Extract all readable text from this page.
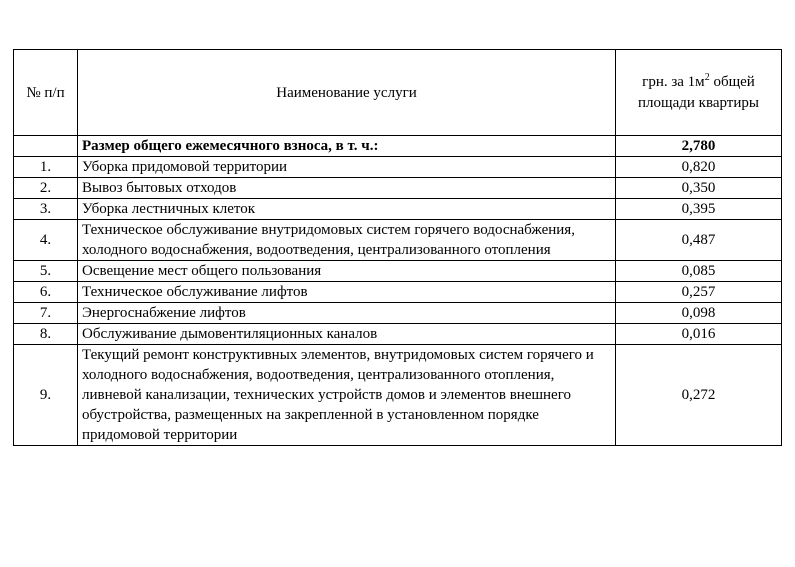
№ п/п	Наименование услуги	грн. за $1м^2$ общей площади квартиры
	Размер общего ежемесячного взноса, в т. ч.:	2,780
1.	Уборка придомовой территории	0,820
2.	Вывоз бытовых отходов	0,350
3.	Уборка лестничных клеток	0,395
4.	Техническое обслуживание внутридомовых систем горячего водоснабжения, холодного водоснабжения, водоотведения, централизованного отопления	0,487
5.	Освещение мест общего пользования	0,085
6.	Техническое обслуживание лифтов	0,257
7.	Энергоснабжение лифтов	0,098
8.	Обслуживание дымовентиляционных каналов	0,016
9.	Текущий ремонт конструктивных элементов, внутридомовых систем горячего и холодного водоснабжения, водоотведения, централизованного отопления, ливневой канализации, технических устройств домов и элементов внешнего обустройства, размещенных на закрепленной в установленном порядке придомовой территории	0,272
